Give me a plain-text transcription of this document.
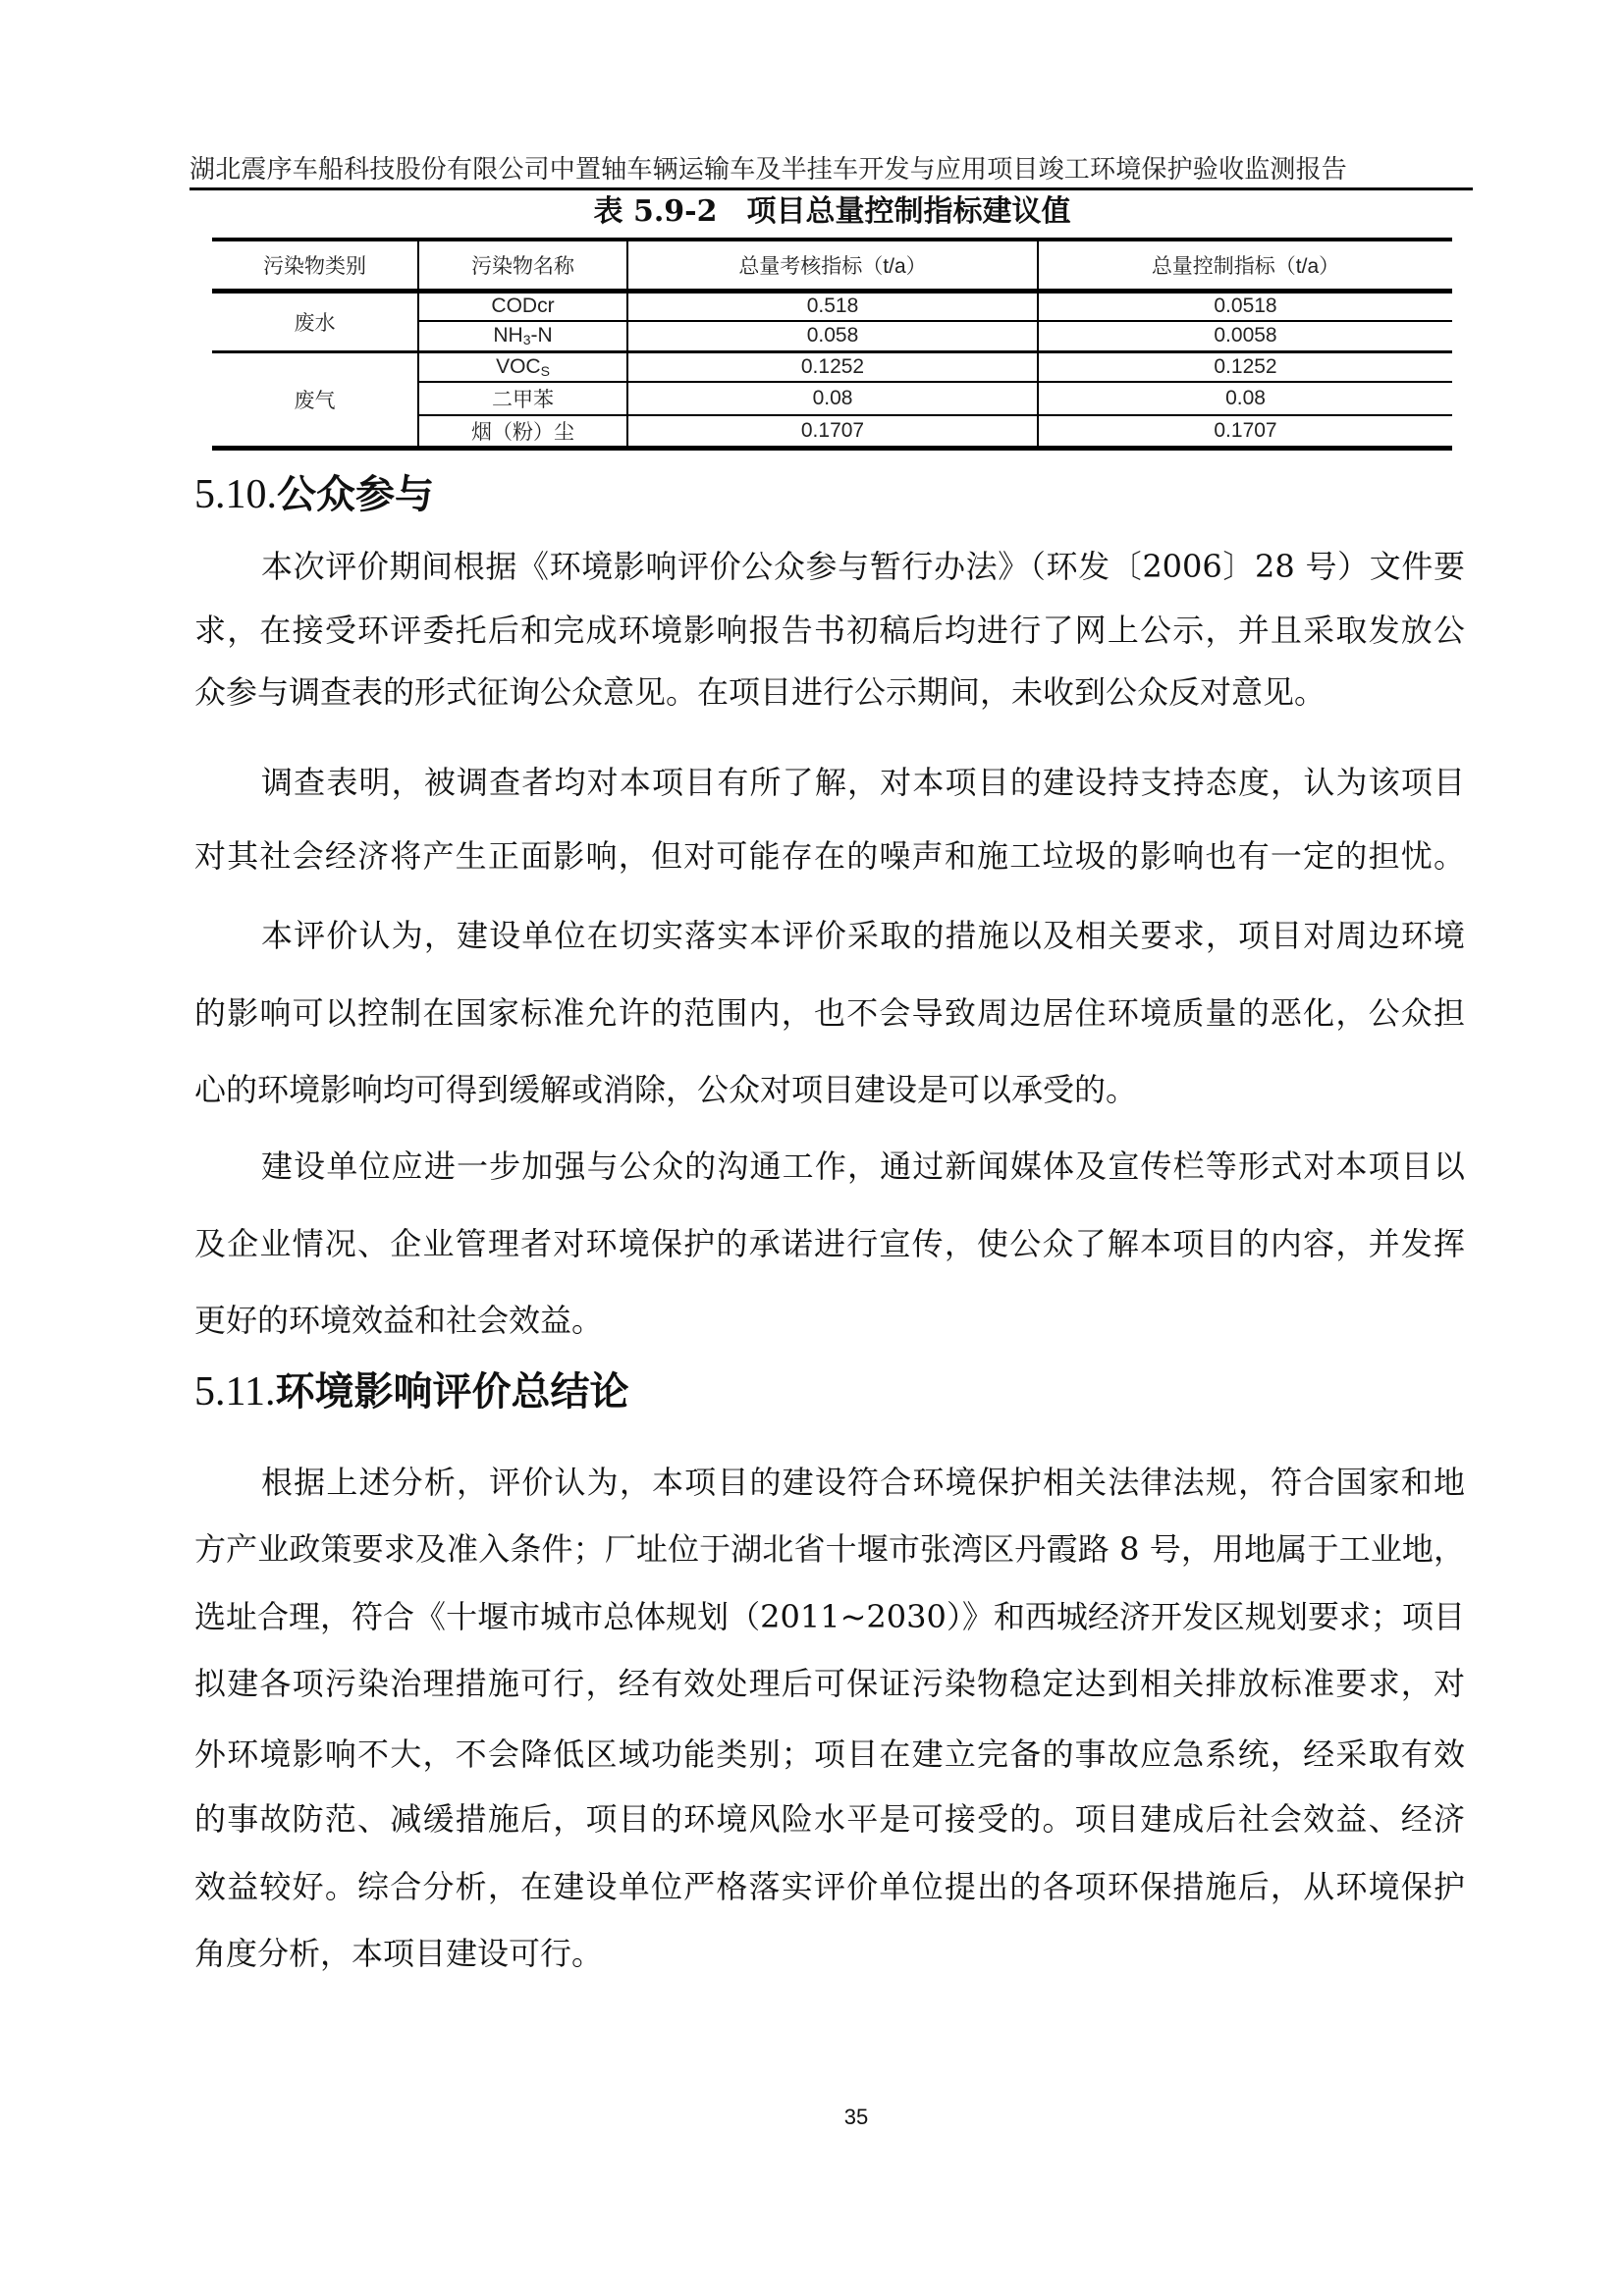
湖北震序车船科技股份有限公司中置轴车辆运输车及半挂车开发与应用项目竣工环境保护验收监测报告
表 5.9-2　项目总量控制指标建议值
污染物类别	污染物名称	总量考核指标（t/a）	总量控制指标（t/a）
废水	CODcr	0.518	0.0518
	$NH_3-N$	0.058	0.0058
废气	$VOC_S$	0.1252	0.1252
	二甲苯	0.08	0.08
	烟（粉）尘	0.1707	0.1707
5.10.公众参与
本次评价期间根据《环境影响评价公众参与暂行办法》（环发〔2006〕28 号）文件要
求，在接受环评委托后和完成环境影响报告书初稿后均进行了网上公示，并且采取发放公
众参与调查表的形式征询公众意见。在项目进行公示期间，未收到公众反对意见。
调查表明，被调查者均对本项目有所了解，对本项目的建设持支持态度，认为该项目
对其社会经济将产生正面影响，但对可能存在的噪声和施工垃圾的影响也有一定的担忧。
本评价认为，建设单位在切实落实本评价采取的措施以及相关要求，项目对周边环境
的影响可以控制在国家标准允许的范围内，也不会导致周边居住环境质量的恶化，公众担
心的环境影响均可得到缓解或消除，公众对项目建设是可以承受的。
建设单位应进一步加强与公众的沟通工作，通过新闻媒体及宣传栏等形式对本项目以
及企业情况、企业管理者对环境保护的承诺进行宣传，使公众了解本项目的内容，并发挥
更好的环境效益和社会效益。
5.11.环境影响评价总结论
根据上述分析，评价认为，本项目的建设符合环境保护相关法律法规，符合国家和地
方产业政策要求及准入条件；厂址位于湖北省十堰市张湾区丹霞路 8 号，用地属于工业地，
选址合理，符合《十堰市城市总体规划（2011~2030）》和西城经济开发区规划要求；项目
拟建各项污染治理措施可行，经有效处理后可保证污染物稳定达到相关排放标准要求，对
外环境影响不大，不会降低区域功能类别；项目在建立完备的事故应急系统，经采取有效
的事故防范、减缓措施后，项目的环境风险水平是可接受的。项目建成后社会效益、经济
效益较好。综合分析，在建设单位严格落实评价单位提出的各项环保措施后，从环境保护
角度分析，本项目建设可行。
35
